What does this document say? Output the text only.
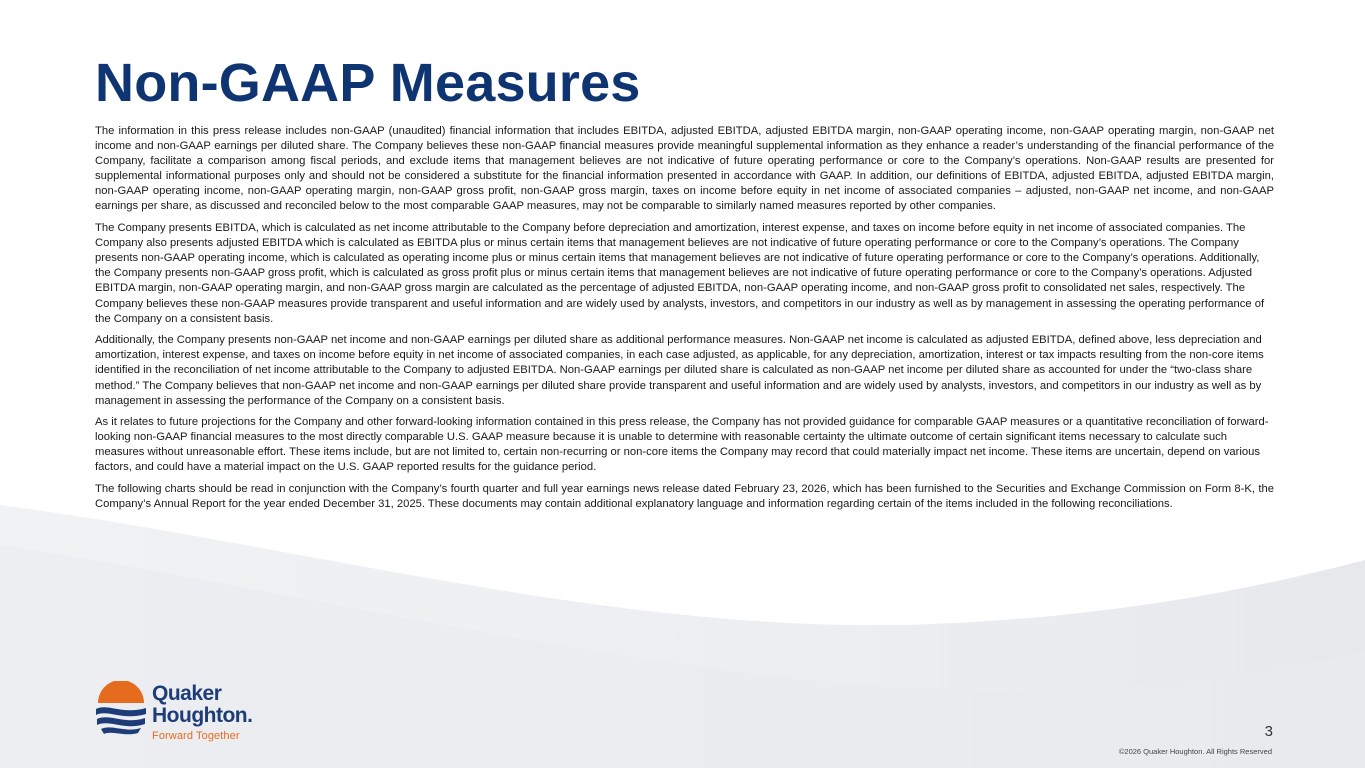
Non-GAAP Measures

The information in this press release includes non-GAAP (unaudited) financial information that includes EBITDA, adjusted EBITDA, adjusted EBITDA margin, non-GAAP operating income, non-GAAP operating margin, non-GAAP net income and non-GAAP earnings per diluted share. The Company believes these non-GAAP financial measures provide meaningful supplemental information as they enhance a reader’s understanding of the financial performance of the Company, facilitate a comparison among fiscal periods, and exclude items that management believes are not indicative of future operating performance or core to the Company’s operations. Non-GAAP results are presented for supplemental informational purposes only and should not be considered a substitute for the financial information presented in accordance with GAAP. In addition, our definitions of EBITDA, adjusted EBITDA, adjusted EBITDA margin, non-GAAP operating income, non-GAAP operating margin, non-GAAP gross profit, non-GAAP gross margin, taxes on income before equity in net income of associated companies – adjusted, non-GAAP net income, and non-GAAP earnings per share, as discussed and reconciled below to the most comparable GAAP measures, may not be comparable to similarly named measures reported by other companies.

The Company presents EBITDA, which is calculated as net income attributable to the Company before depreciation and amortization, interest expense, and taxes on income before equity in net income of associated companies. The Company also presents adjusted EBITDA which is calculated as EBITDA plus or minus certain items that management believes are not indicative of future operating performance or core to the Company’s operations. The Company presents non-GAAP operating income, which is calculated as operating income plus or minus certain items that management believes are not indicative of future operating performance or core to the Company’s operations. Additionally, the Company presents non-GAAP gross profit, which is calculated as gross profit plus or minus certain items that management believes are not indicative of future operating performance or core to the Company’s operations. Adjusted EBITDA margin, non-GAAP operating margin, and non-GAAP gross margin are calculated as the percentage of adjusted EBITDA, non-GAAP operating income, and non-GAAP gross profit to consolidated net sales, respectively. The Company believes these non-GAAP measures provide transparent and useful information and are widely used by analysts, investors, and competitors in our industry as well as by management in assessing the operating performance of the Company on a consistent basis.

Additionally, the Company presents non-GAAP net income and non-GAAP earnings per diluted share as additional performance measures. Non-GAAP net income is calculated as adjusted EBITDA, defined above, less depreciation and amortization, interest expense, and taxes on income before equity in net income of associated companies, in each case adjusted, as applicable, for any depreciation, amortization, interest or tax impacts resulting from the non-core items identified in the reconciliation of net income attributable to the Company to adjusted EBITDA. Non-GAAP earnings per diluted share is calculated as non-GAAP net income per diluted share as accounted for under the “two-class share method.” The Company believes that non-GAAP net income and non-GAAP earnings per diluted share provide transparent and useful information and are widely used by analysts, investors, and competitors in our industry as well as by management in assessing the performance of the Company on a consistent basis.

As it relates to future projections for the Company and other forward-looking information contained in this press release, the Company has not provided guidance for comparable GAAP measures or a quantitative reconciliation of forward-looking non-GAAP financial measures to the most directly comparable U.S. GAAP measure because it is unable to determine with reasonable certainty the ultimate outcome of certain significant items necessary to calculate such measures without unreasonable effort. These items include, but are not limited to, certain non-recurring or non-core items the Company may record that could materially impact net income. These items are uncertain, depend on various factors, and could have a material impact on the U.S. GAAP reported results for the guidance period.

The following charts should be read in conjunction with the Company’s fourth quarter and full year earnings news release dated February 23, 2026, which has been furnished to the Securities and Exchange Commission on Form 8-K, the Company’s Annual Report for the year ended December 31, 2025. These documents may contain additional explanatory language and information regarding certain of the items included in the following reconciliations.

Quaker
Houghton.
Forward Together	3
©2026 Quaker Houghton. All Rights Reserved
